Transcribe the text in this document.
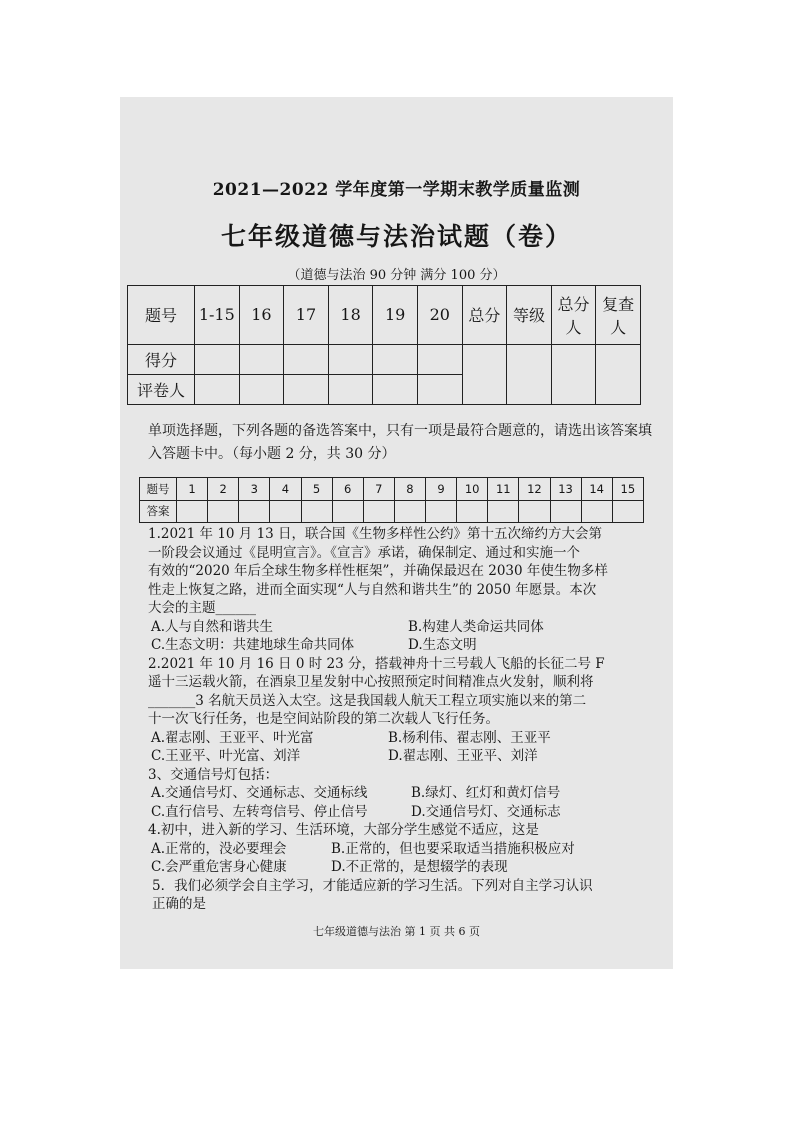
2021—2022 学年度第一学期末教学质量监测
七年级道德与法治试题（卷）
（道德与法治 90 分钟 满分 100 分）
题号	1-15	16	17	18	19	20	总分	等级	总分人	复查人
得分										
评卷人										
单项选择题，下列各题的备选答案中，只有一项是最符合题意的，请选出该答案填入答题卡中。（每小题 2 分，共 30 分）
题号	1	2	3	4	5	6	7	8	9	10	11	12	13	14	15
答案															

1.2021 年 10 月 13 日，联合国《生物多样性公约》第十五次缔约方大会第

一阶段会议通过《昆明宣言》。《宣言》承诺，确保制定、通过和实施一个

有效的“2020 年后全球生物多样性框架”，并确保最迟在 2030 年使生物多样

性走上恢复之路，进而全面实现“人与自然和谐共生”的 2050 年愿景。本次

大会的主题______

A.人与自然和谐共生	B.构建人类命运共同体
C.生态文明：共建地球生命共同体	D.生态文明

2.2021 年 10 月 16 日 0 时 23 分，搭载神舟十三号载人飞船的长征二号 F

遥十三运载火箭，在酒泉卫星发射中心按照预定时间精准点火发射，顺利将

_______3 名航天员送入太空。这是我国载人航天工程立项实施以来的第二

十一次飞行任务，也是空间站阶段的第二次载人飞行任务。

A.翟志刚、王亚平、叶光富	B.杨利伟、翟志刚、王亚平
C.王亚平、叶光富、刘洋	D.翟志刚、王亚平、刘洋

3、交通信号灯包括：

A.交通信号灯、交通标志、交通标线	B.绿灯、红灯和黄灯信号
C.直行信号、左转弯信号、停止信号	D.交通信号灯、交通标志

4.初中，进入新的学习、生活环境，大部分学生感觉不适应，这是

A.正常的，没必要理会	B.正常的，但也要采取适当措施积极应对
C.会严重危害身心健康	D.不正常的，是想辍学的表现

5．我们必须学会自主学习，才能适应新的学习生活。下列对自主学习认识

正确的是

七年级道德与法治 第 1 页 共 6 页
